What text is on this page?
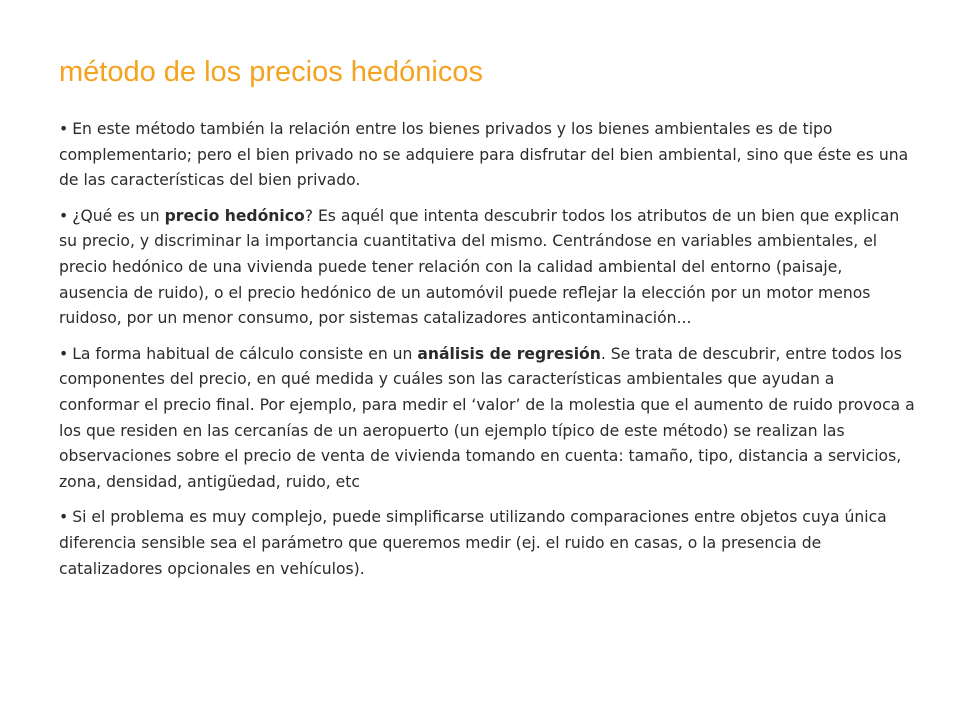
método de los precios hedónicos

• En este método también la relación entre los bienes privados y los bienes ambientales es de tipo complementario; pero el bien privado no se adquiere para disfrutar del bien ambiental, sino que éste es una de las características del bien privado.

• ¿Qué es un precio hedónico? Es aquél que intenta descubrir todos los atributos de un bien que explican su precio, y discriminar la importancia cuantitativa del mismo. Centrándose en variables ambientales, el precio hedónico de una vivienda puede tener relación con la calidad ambiental del entorno (paisaje, ausencia de ruido), o el precio hedónico de un automóvil puede reflejar la elección por un motor menos ruidoso, por un menor consumo, por sistemas catalizadores anticontaminación...

• La forma habitual de cálculo consiste en un análisis de regresión. Se trata de descubrir, entre todos los componentes del precio, en qué medida y cuáles son las características ambientales que ayudan a conformar el precio final. Por ejemplo, para medir el ‘valor’ de la molestia que el aumento de ruido provoca a los que residen en las cercanías de un aeropuerto (un ejemplo típico de este método) se realizan las observaciones sobre el precio de venta de vivienda tomando en cuenta: tamaño, tipo, distancia a servicios, zona, densidad, antigüedad, ruido, etc

• Si el problema es muy complejo, puede simplificarse utilizando comparaciones entre objetos cuya única diferencia sensible sea el parámetro que queremos medir (ej. el ruido en casas, o la presencia de catalizadores opcionales en vehículos).
